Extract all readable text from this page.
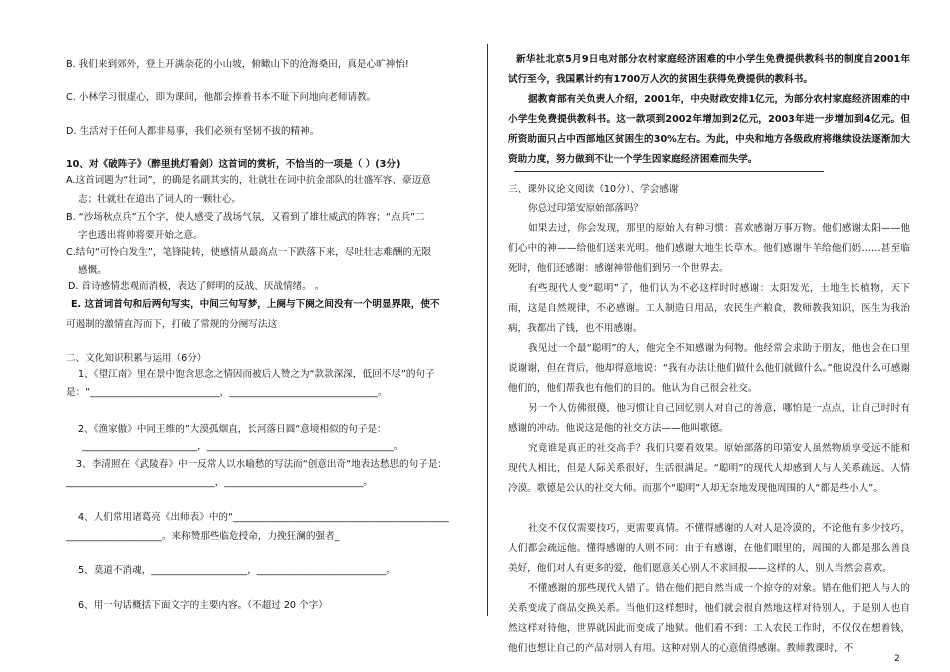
B. 我们来到郊外，登上开满杂花的小山坡，俯瞰山下的沧海桑田，真是心旷神怡!
C. 小林学习很虚心，即为课间，他都会捧着书本不耻下问地向老师请教。
D. 生活对于任何人都非易事，我们必须有坚韧不拔的精神。
10、对《破阵子》（醉里挑灯看剑）这首词的赏析，不恰当的一项是（ ）(3分)
A.这首词题为“壮词”，的确是名副其实的，壮就壮在词中抗金部队的壮盛军容、豪迈意
志；壮就壮在道出了词人的一颗壮心。
B. “沙场秋点兵”五个字，使人感受了战场气氛，又看到了雄壮威武的阵容；“点兵”二
字也透出将帅将要开始之意。
C.结句“可怜白发生”，笔锋陡转，使感情从最高点一下跌落下来，尽吐壮志难酬的无限
感慨。
D. 首诗感情悲观而消极，表达了鲜明的反战、厌战情绪。 。
E. 这首词首句和后两句写实，中间三句写梦，上阕与下阕之间没有一个明显界限，使不
可遏制的激情直泻而下，打破了常规的分阕写法这
二、文化知识积累与运用（6分）
1、《望江南》里在景中饱含思念之情因而被后人赞之为“款款深深，低回不尽”的句子
是：“___________________________，_______________________________。
2、《渔家傲》中同王维的”大漠孤烟直，长河落日圆“意境相似的句子是：
________________________，_______________________________________。
3、李清照在《武陵春》中一反常人以水喻愁的写法而“创意出奇”地表达愁思的句子是：
_______________________________，_____________________________。
4、人们常用诸葛亮《出师表》中的“_____________________________________________
____________________。来称赞那些临危授命，力挽狂澜的强者_
5、莫道不消魂，____________________，___________________________。
6、用一句话概括下面文字的主要内容。（不超过 20 个字）
新华社北京5月9日电对部分农村家庭经济困难的中小学生免费提供教科书的制度自2001年试行至今，我国累计约有1700万人次的贫困生获得免费提供的教科书。
据教育部有关负责人介绍，2001年，中央财政安排1亿元，为部分农村家庭经济困难的中小学生免费提供教科书。这一款项到2002年增加到2亿元，2003年进一步增加到4亿元。但所资助面只占中西部地区贫困生的30%左右。为此，中央和地方各级政府将继续设法逐渐加大资助力度，努力做到不让一个学生因家庭经济困难而失学。
三、课外议论文阅读（10分）、学会感谢
你总过印第安原始部落吗？
如果去过，你会发现，那里的原始人有种习惯：喜欢感谢万事万物。他们感谢太阳——他们心中的神——给他们送来光明。他们感谢大地生长草木。他们感谢牛羊给他们奶……甚至临死时，他们还感谢：感谢神带他们到另一个世界去。
有些现代人变“聪明”了，他们认为不必这样时时感谢：太阳发光，土地生长植物，天下雨，这是自然规律，不必感谢。工人制造日用品，农民生产粮食，教师教我知识，医生为我治病，我都出了钱，也不用感谢。
我见过一个最“聪明”的人，他完全不知感谢为何物。他经常会求助于朋友，他也会在口里说谢谢，但在背后，他却得意地说：“我有办法让他们做什么他们就做什么。”他说没什么可感谢他们的，他们帮我也有他们的目的。他认为自己很会社交。
另一个人仿佛很傻，他习惯让自己回忆别人对自己的善意，哪怕是一点点，让自己时时有感谢的冲动。他说这是他的社交方法——他叫歌德。
究竟谁是真正的社交高手？我们只要看效果。原始部落的印第安人虽然物质享受远不能和现代人相比，但是人际关系很好，生活很满足。“聪明”的现代人却感到人与人关系疏远、人情冷漠。歌德是公认的社交大师。而那个“聪明”人却无奈地发现他周围的人“都是些小人”。
社交不仅仅需要技巧，更需要真情。不懂得感谢的人对人是冷漠的，不论他有多少技巧，人们都会疏远他。懂得感谢的人则不同：由于有感谢，在他们眼里的，周围的人都是那么善良美好，他们对人有更多的爱，他们愿意关心别人不求回报——这样的人，别人当然会喜欢。
不懂感谢的那些现代人错了。错在他们把自然当成一个掠夺的对象。错在他们把人与人的关系变成了商品交换关系。当他们这样想时，他们就会很自然地这样对待别人，于是别人也自然这样对待他，世界就因此而变成了地狱。他们看不到：工人农民工作时，不仅仅在想着钱，他们也想让自己的产品对别人有用。这种对别人的心意值得感谢。教师教课时，不
2
